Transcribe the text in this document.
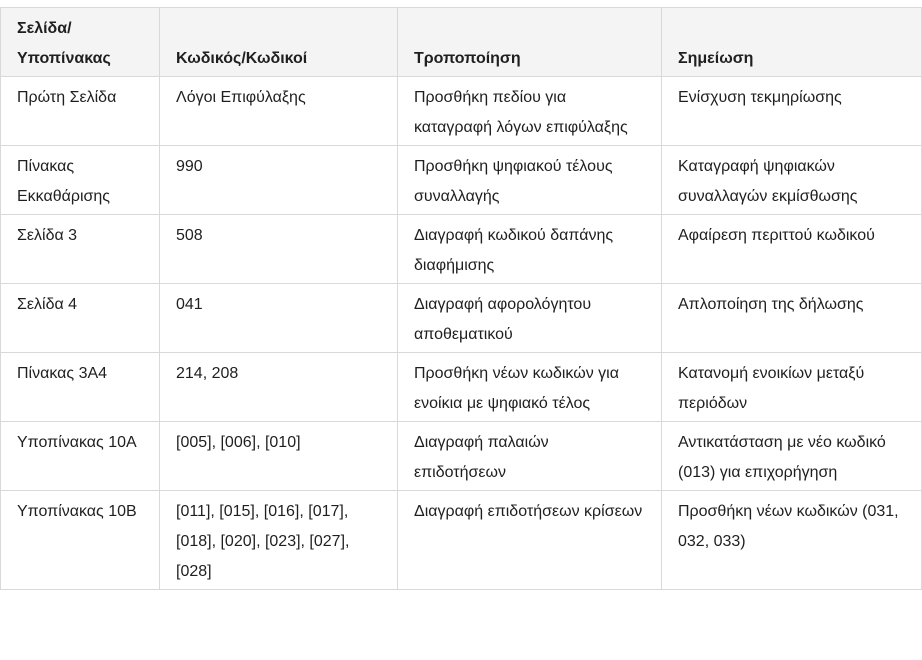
Σελίδα/ Υποπίνακας	Κωδικός/Κωδικοί	Τροποποίηση	Σημείωση
Πρώτη Σελίδα	Λόγοι Επιφύλαξης	Προσθήκη πεδίου για καταγραφή λόγων επιφύλαξης	Ενίσχυση τεκμηρίωσης
Πίνακας Εκκαθάρισης	990	Προσθήκη ψηφιακού τέλους συναλλαγής	Καταγραφή ψηφιακών συναλλαγών εκμίσθωσης
Σελίδα 3	508	Διαγραφή κωδικού δαπάνης διαφήμισης	Αφαίρεση περιττού κωδικού
Σελίδα 4	041	Διαγραφή αφορολόγητου αποθεματικού	Απλοποίηση της δήλωσης
Πίνακας 3Α4	214, 208	Προσθήκη νέων κωδικών για ενοίκια με ψηφιακό τέλος	Κατανομή ενοικίων μεταξύ περιόδων
Υποπίνακας 10Α	[005], [006], [010]	Διαγραφή παλαιών επιδοτήσεων	Αντικατάσταση με νέο κωδικό (013) για επιχορήγηση
Υποπίνακας 10Β	[011], [015], [016], [017], [018], [020], [023], [027], [028]	Διαγραφή επιδοτήσεων κρίσεων	Προσθήκη νέων κωδικών (031, 032, 033)
